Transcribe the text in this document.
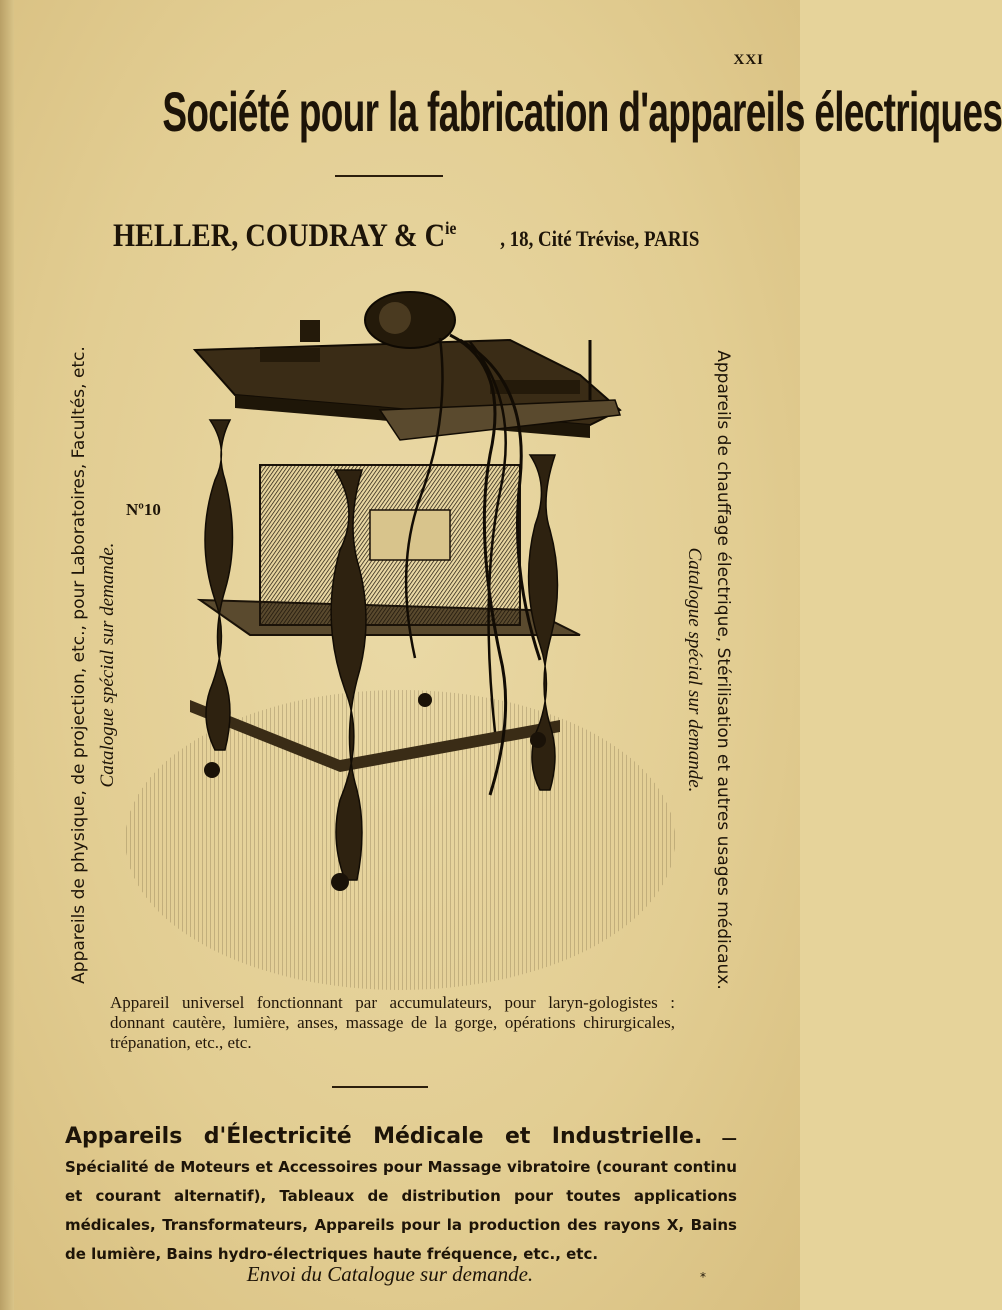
XXI
Société pour la fabrication d'appareils électriques
HELLER, COUDRAY & $C^{ie}$ , 18, Cité Trévise, PARIS
Appareils de physique, de projection, etc., pour Laboratoires, Facultés, etc. Catalogue spécial sur demande.	Appareils de chauffage électrique, Stérilisation et autres usages médicaux.
Catalogue spécial sur demande.
Nº10
Appareil universel fonctionnant par accumulateurs, pour laryn-gologistes : donnant cautère, lumière, anses, massage de la gorge, opérations chirurgicales, trépanation, etc., etc.
Appareils d'Électricité Médicale et Industrielle. — Spécialité de Moteurs et Accessoires pour Massage vibratoire (courant continu et courant alternatif), Tableaux de distribution pour toutes applications médicales, Transformateurs, Appareils pour la production des rayons X, Bains de lumière, Bains hydro-électriques haute fréquence, etc., etc.
Envoi du Catalogue sur demande.	*
